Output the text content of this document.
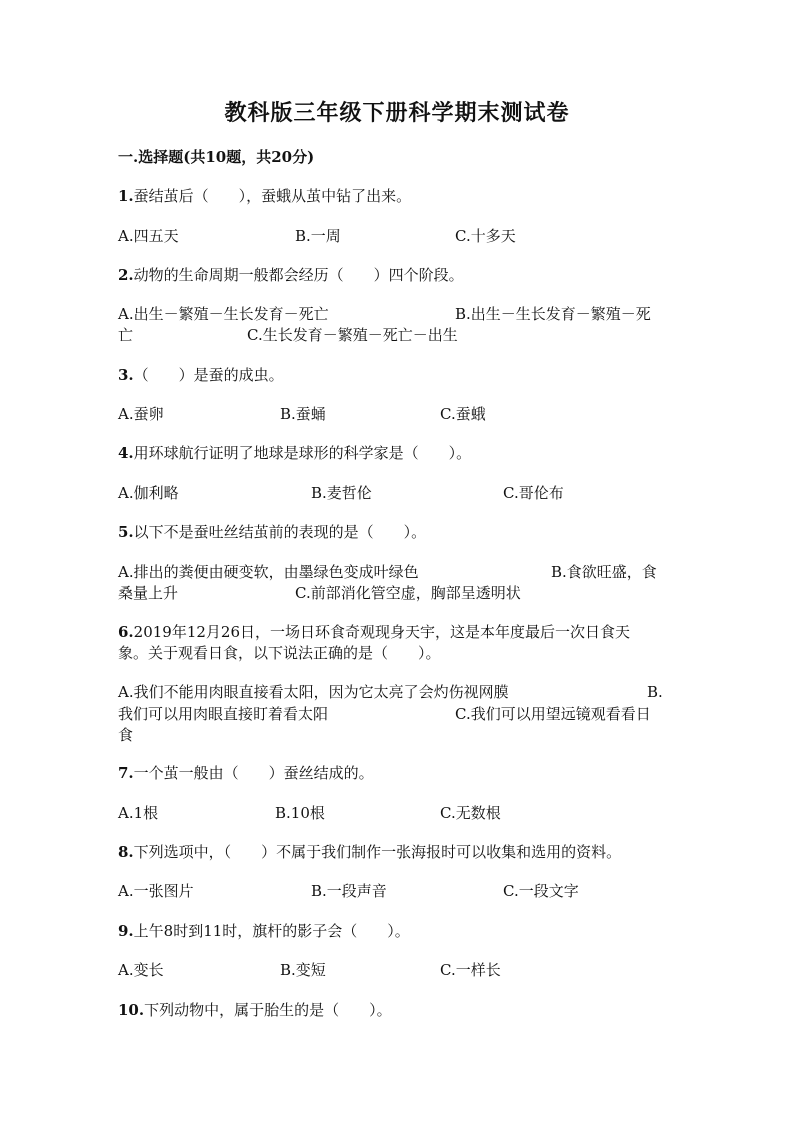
教科版三年级下册科学期末测试卷
一.选择题(共10题，共20分)
1.蚕结茧后（　　），蚕蛾从茧中钻了出来。
A.四五天	B.一周	C.十多天
2.动物的生命周期一般都会经历（　　）四个阶段。
A.出生－繁殖－生长发育－死亡	B.出生－生长发育－繁殖－死
亡	C.生长发育－繁殖－死亡－出生
3.（　　）是蚕的成虫。
A.蚕卵	B.蚕蛹	C.蚕蛾
4.用环球航行证明了地球是球形的科学家是（　　）。
A.伽利略	B.麦哲伦	C.哥伦布
5.以下不是蚕吐丝结茧前的表现的是（　　）。
A.排出的粪便由硬变软，由墨绿色变成叶绿色	B.食欲旺盛，食
桑量上升	C.前部消化管空虚，胸部呈透明状
6.2019年12月26日，一场日环食奇观现身天宇，这是本年度最后一次日食天
象。关于观看日食，以下说法正确的是（　　）。
A.我们不能用肉眼直接看太阳，因为它太亮了会灼伤视网膜	B.
我们可以用肉眼直接盯着看太阳	C.我们可以用望远镜观看看日
食
7.一个茧一般由（　　）蚕丝结成的。
A.1根	B.10根	C.无数根
8.下列选项中，（　　）不属于我们制作一张海报时可以收集和选用的资料。
A.一张图片	B.一段声音	C.一段文字
9.上午8时到11时，旗杆的影子会（　　）。
A.变长	B.变短	C.一样长
10.下列动物中，属于胎生的是（　　）。
